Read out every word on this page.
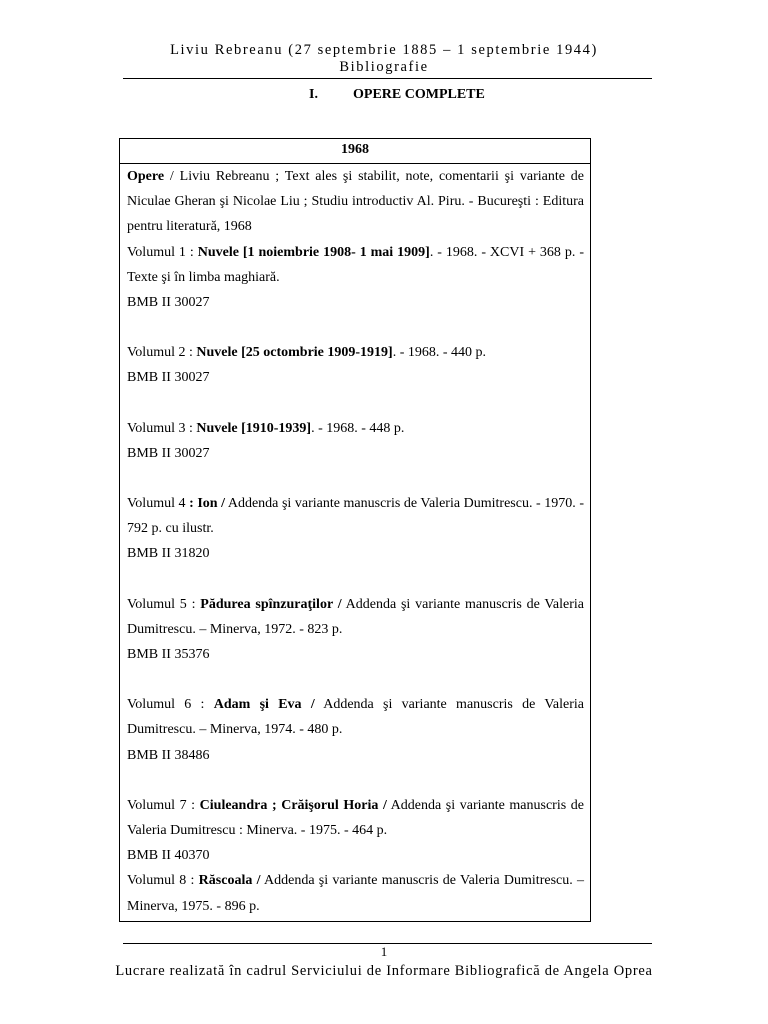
Liviu Rebreanu (27 septembrie 1885 – 1 septembrie 1944)
Bibliografie
I.	OPERE COMPLETE
1968

Opere / Liviu Rebreanu ; Text ales şi stabilit, note, comentarii şi variante de Niculae Gheran şi Nicolae Liu ; Studiu introductiv Al. Piru. - Bucureşti : Editura pentru literatură, 1968

Volumul 1 : Nuvele [1 noiembrie 1908- 1 mai 1909]. - 1968. - XCVI + 368 p. - Texte şi în limba maghiară.

BMB II 30027

Volumul 2 : Nuvele [25 octombrie 1909-1919]. - 1968. - 440 p.

BMB II 30027

Volumul 3 : Nuvele [1910-1939]. - 1968. - 448 p.

BMB II 30027

Volumul 4 : Ion / Addenda şi variante manuscris de Valeria Dumitrescu. - 1970. - 792 p. cu ilustr.

BMB II 31820

Volumul 5 : Pădurea spînzuraţilor / Addenda şi variante manuscris de Valeria Dumitrescu. – Minerva, 1972. - 823 p.

BMB II 35376

Volumul 6 : Adam şi Eva / Addenda şi variante manuscris de Valeria Dumitrescu. – Minerva, 1974. - 480 p.

BMB II 38486

Volumul 7 : Ciuleandra ; Crăişorul Horia / Addenda şi variante manuscris de Valeria Dumitrescu : Minerva. - 1975. - 464 p.

BMB II 40370

Volumul 8 : Răscoala / Addenda şi variante manuscris de Valeria Dumitrescu. – Minerva, 1975. - 896 p.

1
Lucrare realizată în cadrul Serviciului de Informare Bibliografică de Angela Oprea
